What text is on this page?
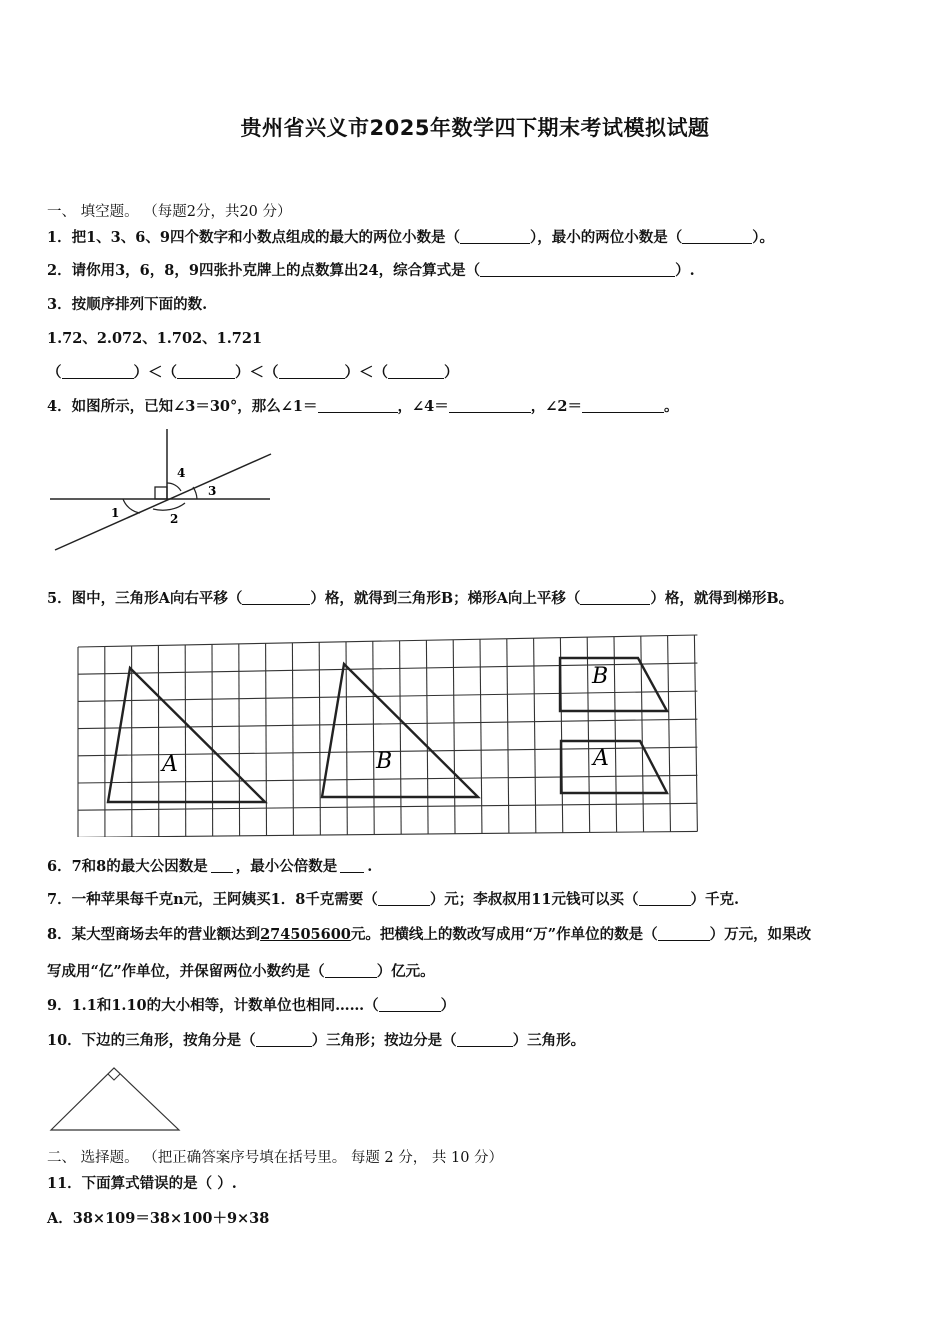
贵州省兴义市2025年数学四下期末考试模拟试题
一、 填空题。 （每题2分，共20 分）
1．把1、3、6、9四个数字和小数点组成的最大的两位小数是（	），最小的两位小数是（	）。
2．请你用3，6，8，9四张扑克牌上的点数算出24，综合算式是（	）.
3．按顺序排列下面的数.
1.72、2.072、1.702、1.721
（	）＜（	）＜（	）＜（	）
4．如图所示，已知∠3＝30°，那么∠1＝	，∠4＝	，∠2＝	。
1	2
3
4
5．图中，三角形A向右平移（	）格，就得到三角形B；梯形A向上平移（	）格，就得到梯形B。
A	B
B
A
6．7和8的最大公因数是 ，最小公倍数是 .
7．一种苹果每千克n元，王阿姨买1．8千克需要（	）元；李叔叔用11元钱可以买（	）千克.
8．某大型商场去年的营业额达到274505600元。把横线上的数改写成用“万”作单位的数是（	）万元，如果改
写成用“亿”作单位，并保留两位小数约是（	）亿元。
9．1.1和1.10的大小相等，计数单位也相同……（	）
10．下边的三角形，按角分是（	）三角形；按边分是（	）三角形。
二、 选择题。 （把正确答案序号填在括号里。 每题 2 分， 共 10 分）
11．下面算式错误的是（ ）.
A．38×109＝38×100＋9×38
